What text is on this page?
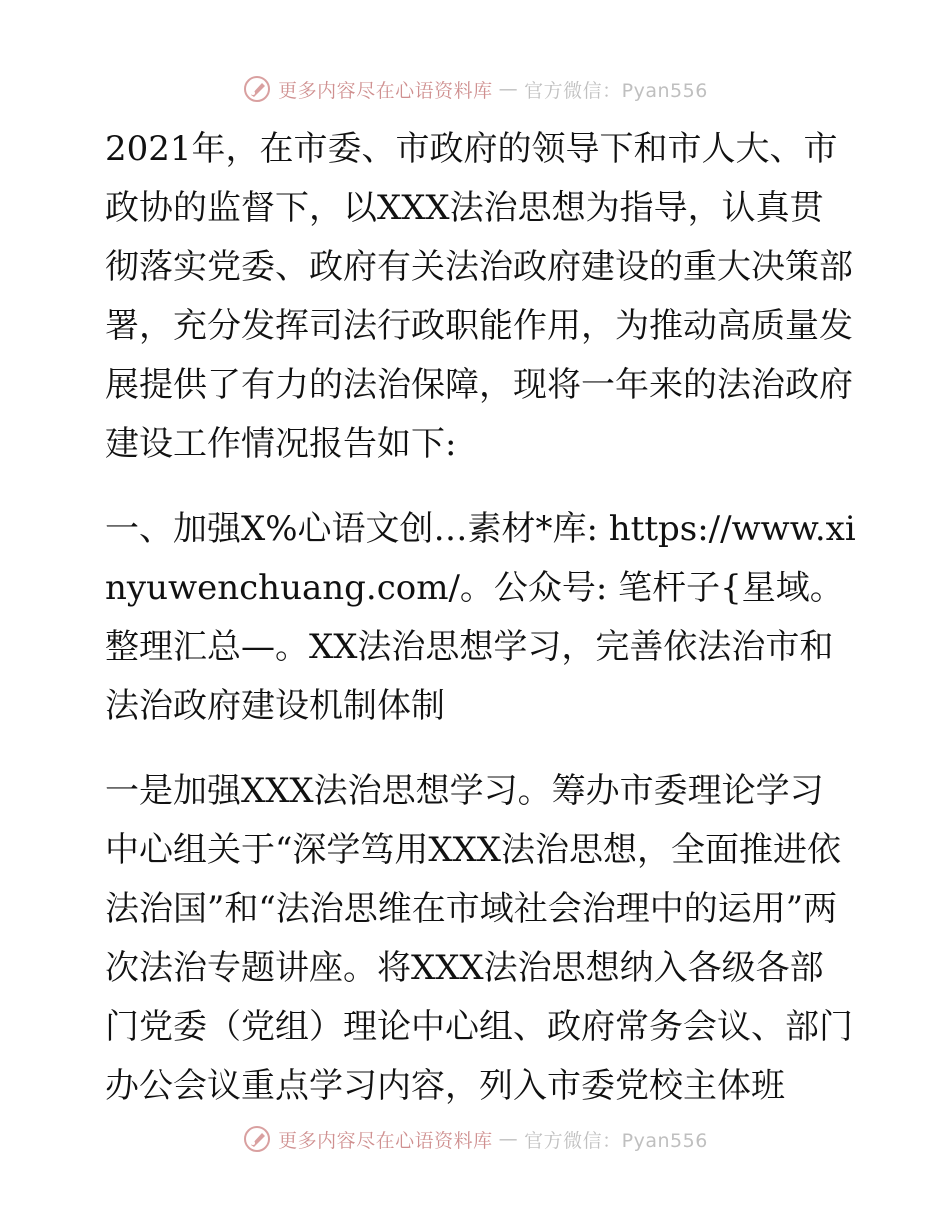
更多内容尽在心语资料库 — 官方微信：Pyan556

2021年，在市委、市政府的领导下和市人大、市政协的监督下，以XXX法治思想为指导，认真贯彻落实党委、政府有关法治政府建设的重大决策部署，充分发挥司法行政职能作用，为推动高质量发展提供了有力的法治保障，现将一年来的法治政府建设工作情况报告如下:

一、加强X%心语文创…素材*库: https://www.xinyuwenchuang.com/。公众号: 笔杆子{星域。整理汇总—。XX法治思想学习，完善依法治市和法治政府建设机制体制

一是加强XXX法治思想学习。筹办市委理论学习中心组关于“深学笃用XXX法治思想，全面推进依法治国”和“法治思维在市域社会治理中的运用”两次法治专题讲座。将XXX法治思想纳入各级各部门党委（党组）理论中心组、政府常务会议、部门办公会议重点学习内容，列入市委党校主体班

更多内容尽在心语资料库 — 官方微信：Pyan556
